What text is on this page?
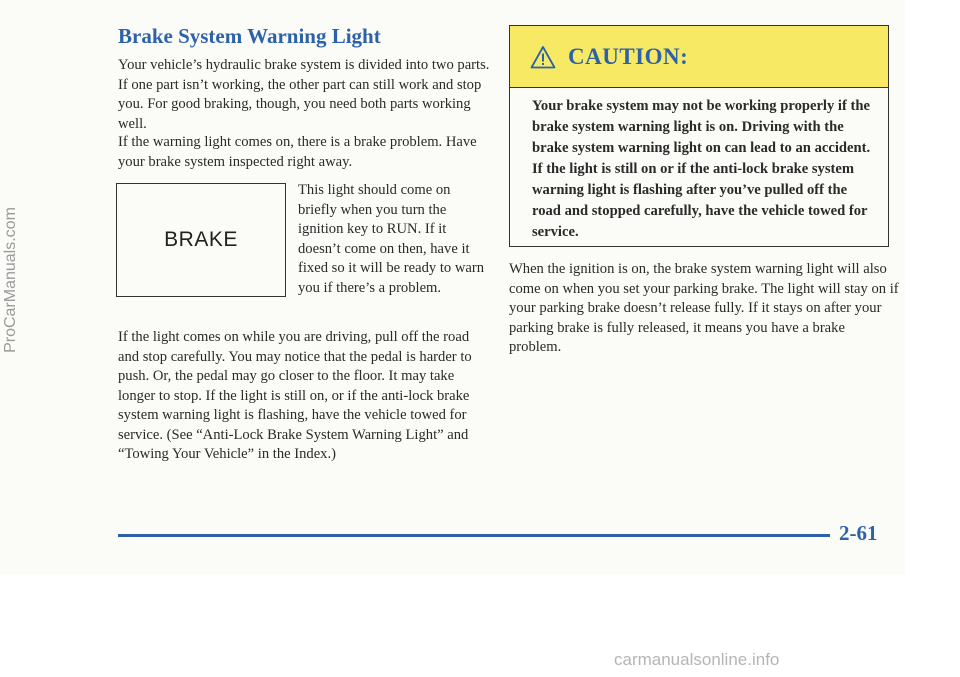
ProCarManuals.com
Brake System Warning Light

Your vehicle’s hydraulic brake system is divided into two parts. If one part isn’t working, the other part can still work and stop you. For good braking, though, you need both parts working well.

If the warning light comes on, there is a brake problem. Have your brake system inspected right away.

BRAKE

This light should come on briefly when you turn the ignition key to RUN. If it doesn’t come on then, have it fixed so it will be ready to warn you if there’s a problem.

If the light comes on while you are driving, pull off the road and stop carefully. You may notice that the pedal is harder to push. Or, the pedal may go closer to the floor. It may take longer to stop. If the light is still on, or if the anti-lock brake system warning light is flashing, have the vehicle towed for service. (See “Anti-Lock Brake System Warning Light” and “Towing Your Vehicle” in the Index.)

CAUTION:

Your brake system may not be working properly if the brake system warning light is on. Driving with the brake system warning light on can lead to an accident. If the light is still on or if the anti-lock brake system warning light is flashing after you’ve pulled off the road and stopped carefully, have the vehicle towed for service.

When the ignition is on, the brake system warning light will also come on when you set your parking brake. The light will stay on if your parking brake doesn’t release fully. If it stays on after your parking brake is fully released, it means you have a brake problem.

2-61

carmanualsonline.info
